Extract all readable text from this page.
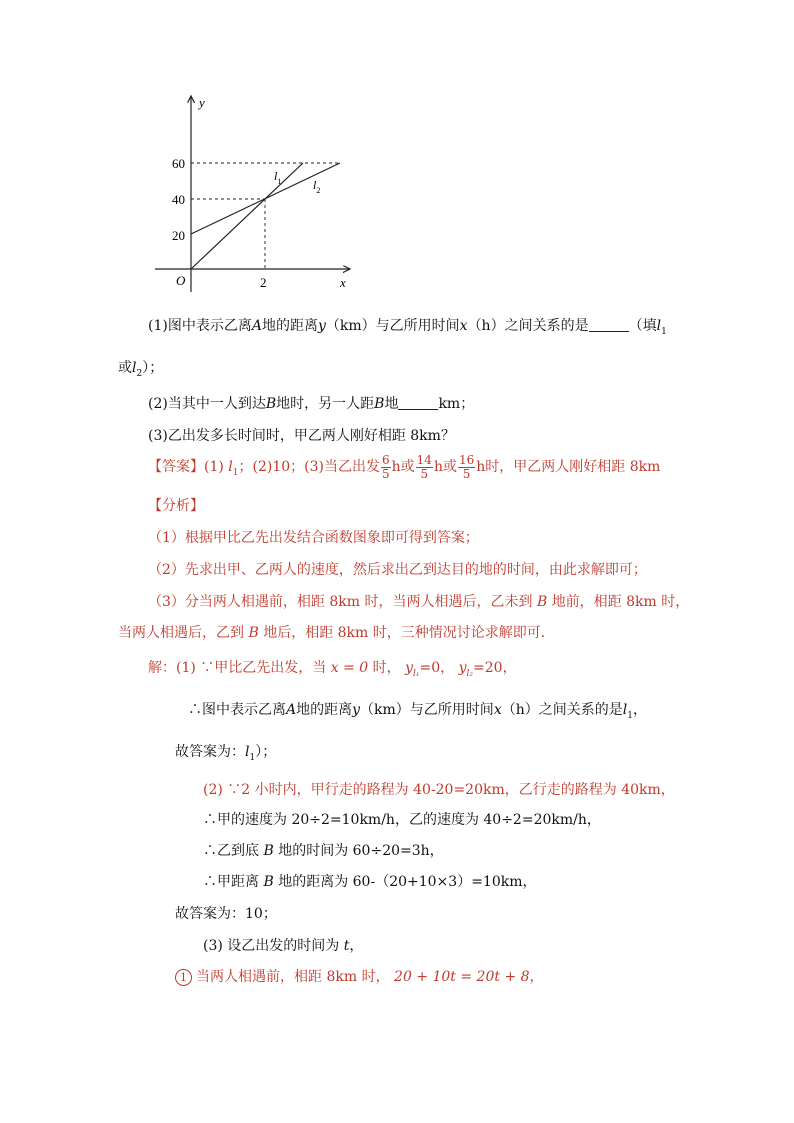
y
x
O
60
40
20
2
$l_1$	$l_2$
(1)图中表示乙离A地的距离y（km）与乙所用时间x（h）之间关系的是	（填$l_1$
或$l_2$）；
(2)当其中一人到达B地时，另一人距B地	km；
(3)乙出发多长时间时，甲乙两人刚好相距 8km？
【答案】(1) $l_1$；(2)10；(3)当乙出发 $\frac{6}{5}$ h或 $\frac{14}{5}$ h或 $\frac{16}{5}$ h时，甲乙两人刚好相距 8km
【分析】
（1）根据甲比乙先出发结合函数图象即可得到答案；
（2）先求出甲、乙两人的速度，然后求出乙到达目的地的时间，由此求解即可；
（3）分当两人相遇前，相距 8km 时，当两人相遇后，乙未到 B 地前，相距 8km 时，
当两人相遇后，乙到 B 地后，相距 8km 时，三种情况讨论求解即可．
解：(1) ∵甲比乙先出发，当 x = 0 时， $y_{l_1}=0$， $y_{l_2}=20$，
∴图中表示乙离A地的距离y（km）与乙所用时间x（h）之间关系的是$l_1$，
故答案为：$l_1$）；
(2) ∵2 小时内，甲行走的路程为 40-20=20km，乙行走的路程为 40km，
∴甲的速度为 20÷2=10km/h，乙的速度为 40÷2=20km/h，
∴乙到底 B 地的时间为 60÷20=3h，
∴甲距离 B 地的距离为 60-（20+10×3）=10km，
故答案为：10；
(3) 设乙出发的时间为 t，
1 当两人相遇前，相距 8km 时， 20 + 10t = 20t + 8，
